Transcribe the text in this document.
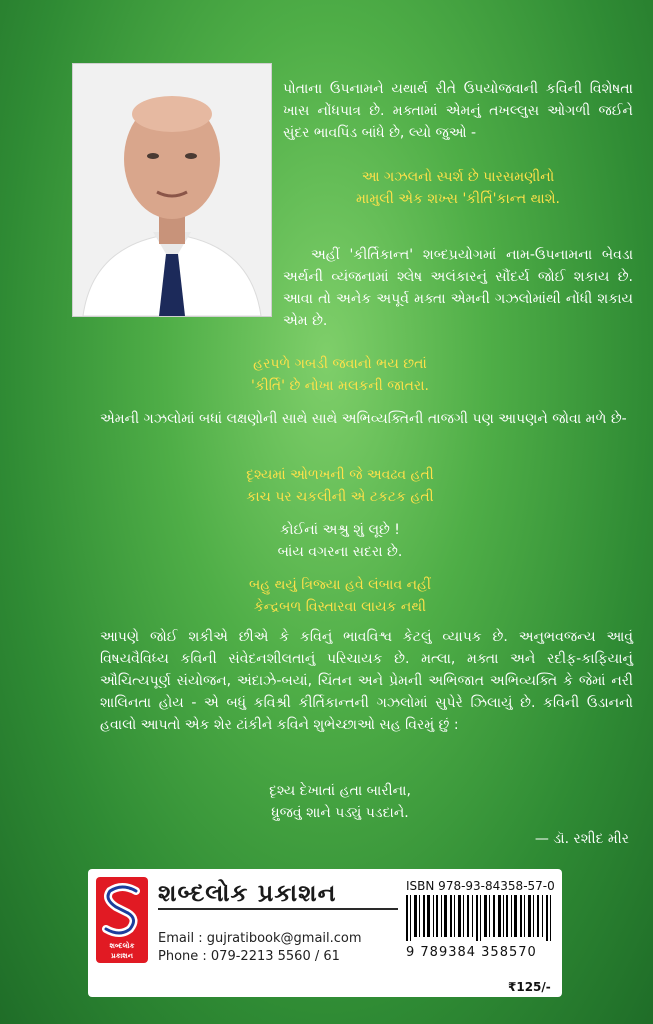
પોતાના ઉપનામને યથાર્થ રીતે ઉપયોજવાની કવિની વિશેષતા ખાસ નોંધપાત્ર છે. મક્તામાં એમનું તખલ્લુસ ઓગળી જઈને સુંદર ભાવપિંડ બાંધે છે, લ્યો જુઓ -
આ ગઝલનો સ્પર્શ છે પારસમણીનો
મામુલી એક શખ્સ 'કીર્તિ'કાન્ત થાશે.
અહીં 'કીર્તિકાન્ત' શબ્દપ્રયોગમાં નામ-ઉપનામના બેવડા અર્થની વ્યંજનામાં શ્લેષ અલંકારનું સૌંદર્ય જોઈ શકાય છે. આવા તો અનેક અપૂર્વ મક્તા એમની ગઝલોમાંથી નોંધી શકાય એમ છે.
હરપળે ગબડી જવાનો ભય છતાં
'કીર્તિ' છે નોખા મલકની જાતરા.
એમની ગઝલોમાં બધાં લક્ષણોની સાથે સાથે અભિવ્યક્તિની તાજગી પણ આપણને જોવા મળે છે-
દૃશ્યમાં ઓળખની જે અવઢવ હતી
કાચ પર ચકલીની એ ટકટક હતી
કોઈનાં અશ્રુ શું લૂછે !
બાંય વગરના સદરા છે.
બહુ થયું ત્રિજ્યા હવે લંબાવ નહીં
કેન્દ્રબળ વિસ્તારવા લાયક નથી
આપણે જોઈ શકીએ છીએ કે કવિનું ભાવવિશ્વ કેટલું વ્યાપક છે. અનુભવજન્ય આવું વિષયવૈવિધ્ય કવિની સંવેદનશીલતાનું પરિચાયક છે. મત્લા, મક્તા અને રદીફ-કાફિયાનું ઔચિત્યપૂર્ણ સંયોજન, અંદાઝે-બયાં, ચિંતન અને પ્રેમની અભિજાત અભિવ્યક્તિ કે જેમાં નરી શાલિનતા હોય - એ બધું કવિશ્રી કીર્તિકાન્તની ગઝલોમાં સુપેરે ઝિલાયું છે. કવિની ઉડાનનો હવાલો આપતો એક શેર ટાંકીને કવિને શુભેચ્છાઓ સહ વિરમું છું :
દૃશ્ય દેખાતાં હતા બારીના,
ધ્રુજવું શાને પડ્યું પડદાને.
— ડૉ. રશીદ મીર
શબ્દલોક પ્રકાશન
શબ્દલોક પ્રકાશન
Email : gujratibook@gmail.com
Phone : 079-2213 5560 / 61
ISBN 978-93-84358-57-0
9 789384 358570
₹125/-
